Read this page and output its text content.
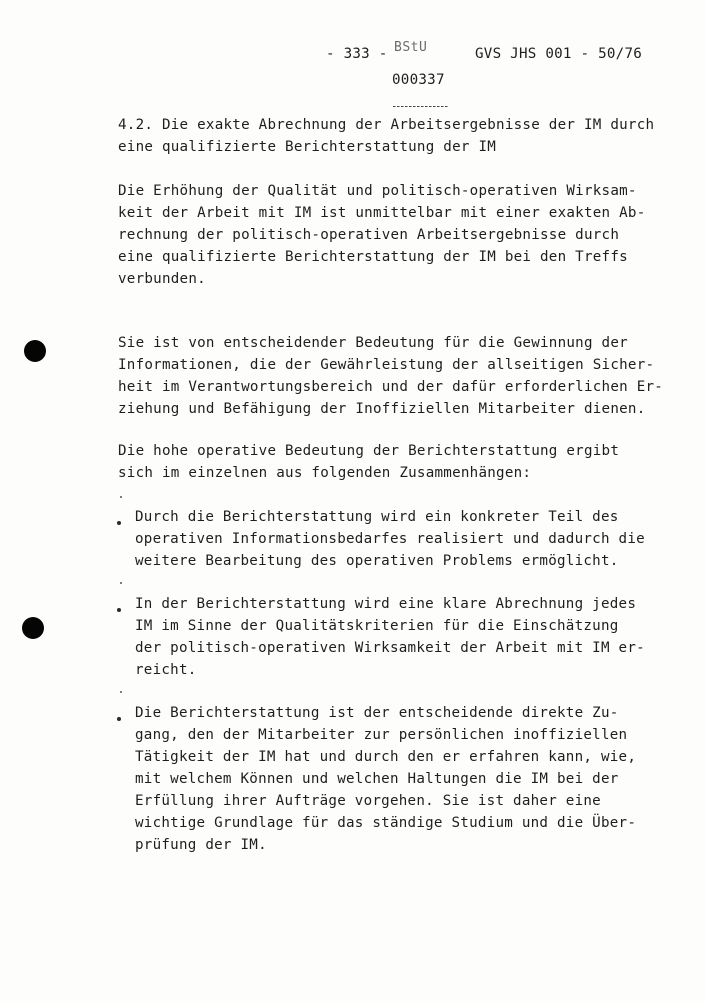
- 333 - BStU	GVS JHS 001 - 50/76
000337
4.2. Die exakte Abrechnung der Arbeitsergebnisse der IM durch
eine qualifizierte Berichterstattung der IM
Die Erhöhung der Qualität und politisch-operativen Wirksam-
keit der Arbeit mit IM ist unmittelbar mit einer exakten Ab-
rechnung der politisch-operativen Arbeitsergebnisse durch
eine qualifizierte Berichterstattung der IM bei den Treffs
verbunden.
Sie ist von entscheidender Bedeutung für die Gewinnung der
Informationen, die der Gewährleistung der allseitigen Sicher-
heit im Verantwortungsbereich und der dafür erforderlichen Er-
ziehung und Befähigung der Inoffiziellen Mitarbeiter dienen.
Die hohe operative Bedeutung der Berichterstattung ergibt
sich im einzelnen aus folgenden Zusammenhängen:
Durch die Berichterstattung wird ein konkreter Teil des
operativen Informationsbedarfes realisiert und dadurch die
weitere Bearbeitung des operativen Problems ermöglicht.
In der Berichterstattung wird eine klare Abrechnung jedes
IM im Sinne der Qualitätskriterien für die Einschätzung
der politisch-operativen Wirksamkeit der Arbeit mit IM er-
reicht.
Die Berichterstattung ist der entscheidende direkte Zu-
gang, den der Mitarbeiter zur persönlichen inoffiziellen
Tätigkeit der IM hat und durch den er erfahren kann, wie,
mit welchem Können und welchen Haltungen die IM bei der
Erfüllung ihrer Aufträge vorgehen. Sie ist daher eine
wichtige Grundlage für das ständige Studium und die Über-
prüfung der IM.
